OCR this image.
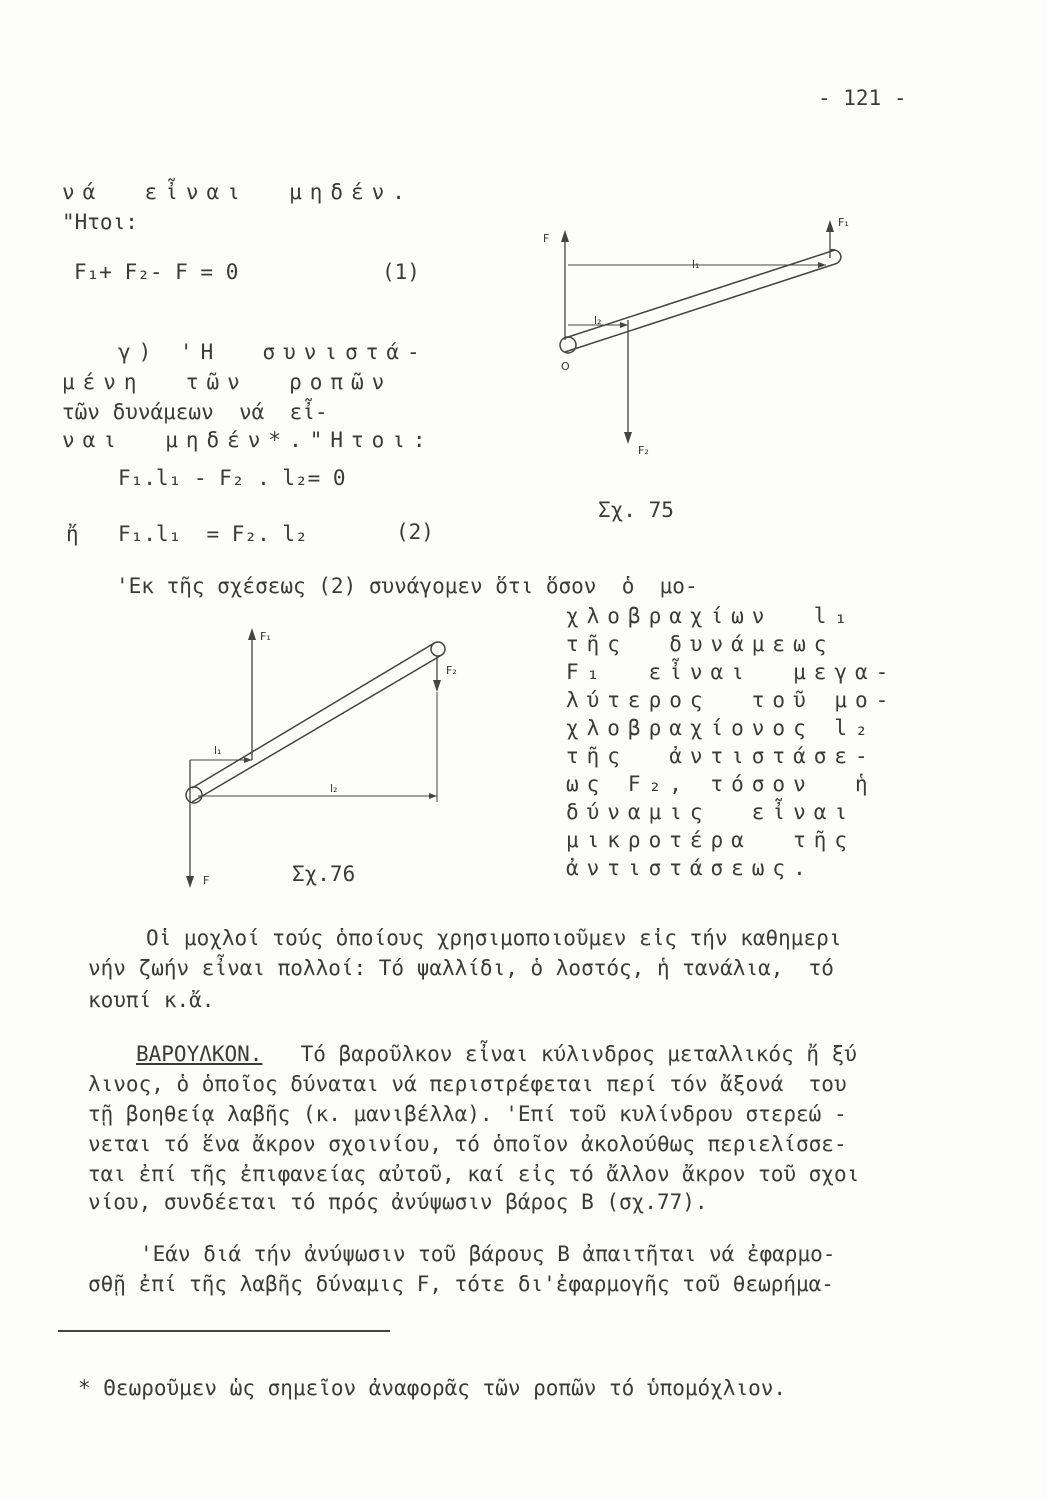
- 121 -
νά  εἶναι  μηδέν.
"Ητοι:
F₁+ F₂- F = 0	(1)
γ) 'Η  συνιστά-
μένη  τῶν  ροπῶν
τῶν δυνάμεων  νά  εἶ-
ναι  μηδέν*."Ητοι:
F₁.l₁ - F₂ . l₂= 0
ἤ F₁.l₁  = F₂. l₂	(2)
F
F₁
l₁
l₂
F₂
O
Σχ. 75
'Εκ τῆς σχέσεως (2) συνάγομεν ὅτι ὅσον  ὁ  μο-
F
F₁
l₁
F₂
l₂
Σχ.76
χλοβραχίων  l₁
τῆς  δυνάμεως
F₁  εἶναι  μεγα-
λύτερος  τοῦ μο-
χλοβραχίονος l₂
τῆς  ἀντιστάσε-
ως F₂, τόσον  ἡ
δύναμις  εἶναι
μικροτέρα  τῆς
ἀντιστάσεως.
Οἱ μοχλοί τούς ὁποίους χρησιμοποιοῦμεν εἰς τήν καθημερι
νήν ζωήν εἶναι πολλοί: Τό ψαλλίδι, ὁ λοστός, ἡ τανάλια,  τό
κουπί κ.ἄ.
ΒΑΡΟΥΛΚΟΝ. Τό βαροῦλκον εἶναι κύλινδρος μεταλλικός ἤ ξύ
λινος, ὁ ὁποῖος δύναται νά περιστρέφεται περί τόν ἄξονά  του
τῇ βοηθείᾳ λαβῆς (κ. μανιβέλλα). 'Επί τοῦ κυλίνδρου στερεώ -
νεται τό ἕνα ἄκρον σχοινίου, τό ὁποῖον ἀκολούθως περιελίσσε-
ται ἐπί τῆς ἐπιφανείας αὐτοῦ, καί εἰς τό ἄλλον ἄκρον τοῦ σχοι
νίου, συνδέεται τό πρός ἀνύψωσιν βάρος B (σχ.77).
'Εάν διά τήν ἀνύψωσιν τοῦ βάρους B ἀπαιτῆται νά ἐφαρμο-
σθῇ ἐπί τῆς λαβῆς δύναμις F, τότε δι'ἐφαρμογῆς τοῦ θεωρήμα-
* Θεωροῦμεν ὡς σημεῖον ἀναφορᾶς τῶν ροπῶν τό ὑπομόχλιον.
